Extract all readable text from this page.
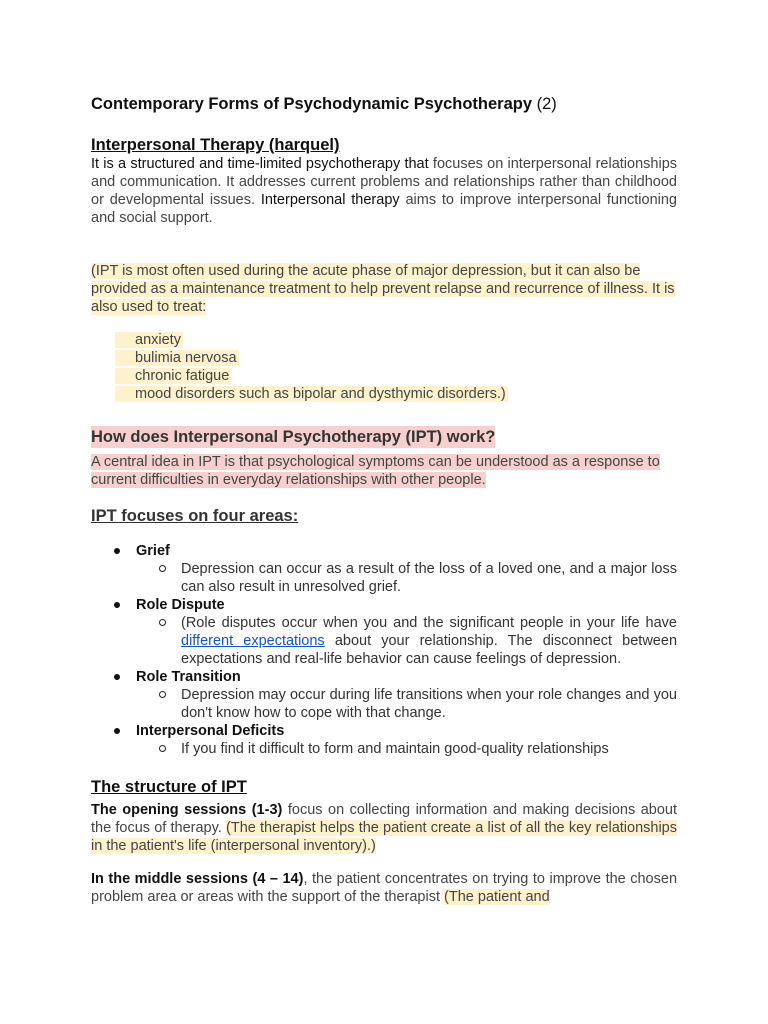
Contemporary Forms of Psychodynamic Psychotherapy (2)
Interpersonal Therapy (harquel)

It is a structured and time-limited psychotherapy that focuses on interpersonal relationships and communication. It addresses current problems and relationships rather than childhood or developmental issues. Interpersonal therapy aims to improve interpersonal functioning and social support.

(IPT is most often used during the acute phase of major depression, but it can also be provided as a maintenance treatment to help prevent relapse and recurrence of illness. It is also used to treat:

anxiety
bulimia nervosa
chronic fatigue
mood disorders such as bipolar and dysthymic disorders.)
How does Interpersonal Psychotherapy (IPT) work?

A central idea in IPT is that psychological symptoms can be understood as a response to current difficulties in everyday relationships with other people.

IPT focuses on four areas:
Grief
Depression can occur as a result of the loss of a loved one, and a major loss can also result in unresolved grief.
Role Dispute
(Role disputes occur when you and the significant people in your life have different expectations about your relationship. The disconnect between expectations and real-life behavior can cause feelings of depression.
Role Transition
Depression may occur during life transitions when your role changes and you don't know how to cope with that change.
Interpersonal Deficits
If you find it difficult to form and maintain good-quality relationships
The structure of IPT

The opening sessions (1-3) focus on collecting information and making decisions about the focus of therapy. (The therapist helps the patient create a list of all the key relationships in the patient's life (interpersonal inventory).)

In the middle sessions (4 – 14), the patient concentrates on trying to improve the chosen problem area or areas with the support of the therapist (The patient and
